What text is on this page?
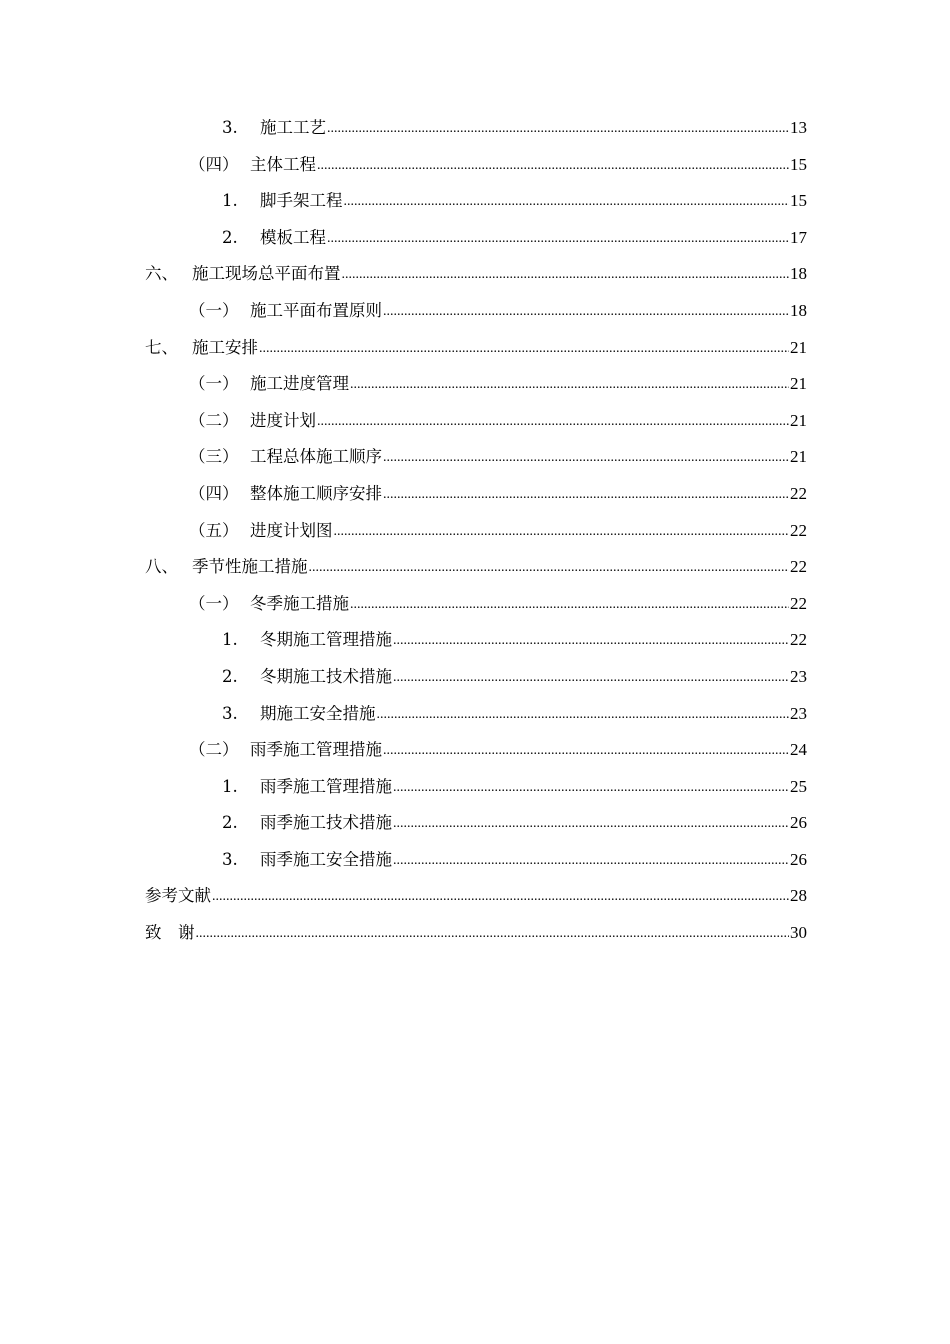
3.	施工工艺 .....	13
（四） 主体工程 .....	15
1.	脚手架工程 .....	15
2.	模板工程 .....	17
六、 施工现场总平面布置 .....	18
（一） 施工平面布置原则 .....	18
七、 施工安排 .....	21
（一） 施工进度管理 .....	21
（二） 进度计划 .....	21
（三） 工程总体施工顺序 .....	21
（四） 整体施工顺序安排 .....	22
（五） 进度计划图 .....	22
八、 季节性施工措施 .....	22
（一） 冬季施工措施 .....	22
1.	冬期施工管理措施 .....	22
2.	冬期施工技术措施 .....	23
3.	期施工安全措施 .....	23
（二） 雨季施工管理措施 .....	24
1.	雨季施工管理措施 .....	25
2.	雨季施工技术措施 .....	26
3.	雨季施工安全措施 .....	26
参考文献 .....	28
致　谢 .....	30
